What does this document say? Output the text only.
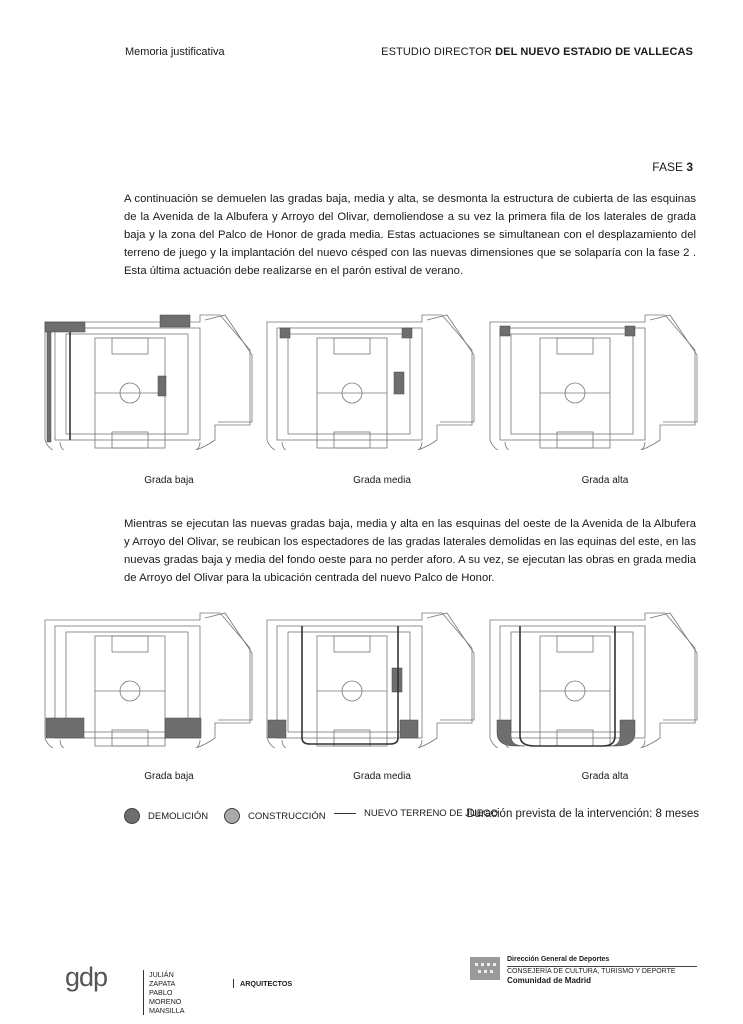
Memoria justificativa	ESTUDIO DIRECTOR DEL NUEVO ESTADIO DE VALLECAS
FASE 3
A continuación se demuelen las gradas baja, media y alta, se desmonta la estructura de cubierta de las esquinas de la Avenida de la Albufera y Arroyo del Olivar, demoliendose a su vez la primera fila de los laterales de grada baja y la zona del Palco de Honor de grada media. Estas actuaciones se simultanean con el desplazamiento del terreno de juego y la implantación del nuevo césped con las nuevas dimensiones que se solaparía con la fase 2 . Esta última actuación debe realizarse en el parón estival de verano.
Grada baja	Grada media	Grada alta
Mientras se ejecutan las nuevas gradas baja, media y alta en las esquinas del oeste de la Avenida de la Albufera y Arroyo del Olivar, se reubican los espectadores de las gradas laterales demolidas en las equinas del este, en las nuevas gradas baja y media del fondo oeste para no perder aforo. A su vez, se ejecutan las obras en grada media de Arroyo del Olivar para la ubicación centrada del nuevo Palco de Honor.
Grada baja	Grada media	Grada alta
DEMOLICIÓN	CONSTRUCCIÓN	NUEVO TERRENO DE JUEGO
Duración prevista de la intervención: 8 meses
gdp	JULIÁN ZAPATA
PABLO MORENO MANSILLA
ARQUITECTOS
Dirección General de Deportes
CONSEJERÍA DE CULTURA, TURISMO Y DEPORTE
Comunidad de Madrid
